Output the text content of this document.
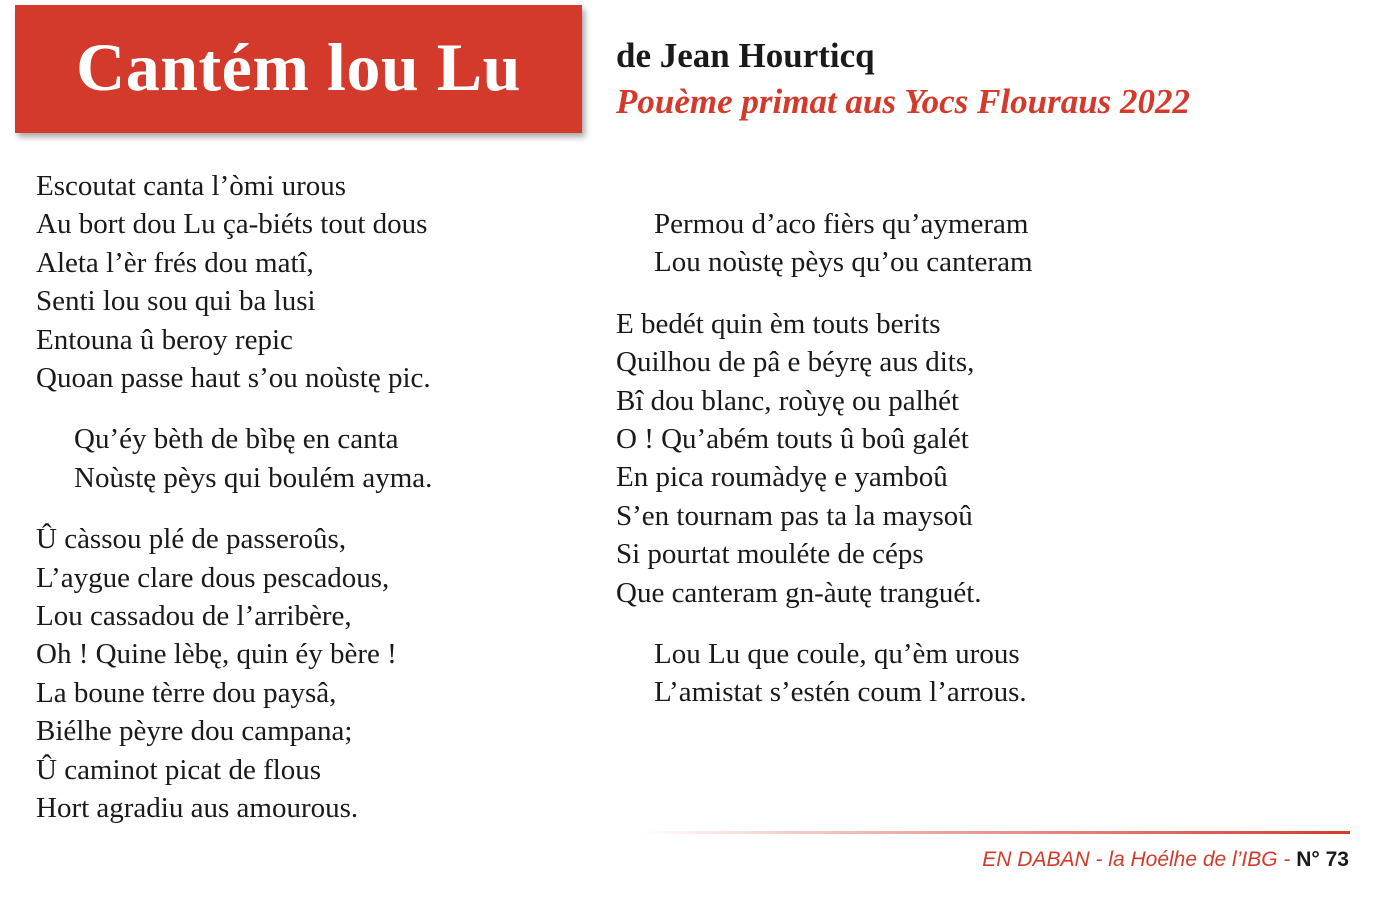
Cantém lou Lu	de Jean Hourticq
Pouème primat aus Yocs Flouraus 2022
Escoutat canta l’òmi urous
Au bort dou Lu ça-biéts tout dous
Aleta l’èr frés dou matî,
Senti lou sou qui ba lusi
Entouna û beroy repic
Quoan passe haut s’ou noùstę pic.
Qu’éy bèth de bìbę en canta
Noùstę pèys qui boulém ayma.
Û càssou plé de passeroûs,
L’aygue clare dous pescadous,
Lou cassadou de l’arribère,
Oh ! Quine lèbę, quin éy bère !
La boune tèrre dou paysâ,
Biélhe pèyre dou campana;
Û caminot picat de flous
Hort agradiu aus amourous.
Permou d’aco fièrs qu’aymeram
Lou noùstę pèys qu’ou canteram
E bedét quin èm touts berits
Quilhou de pâ e béyrę aus dits,
Bî dou blanc, roùyę ou palhét
O ! Qu’abém touts û boû galét
En pica roumàdyę e yamboû
S’en tournam pas ta la maysoû
Si pourtat mouléte de céps
Que canteram gn-àutę tranguét.
Lou Lu que coule, qu’èm urous
L’amistat s’estén coum l’arrous.
EN DABAN - la Hoélhe de l’IBG - N° 73
